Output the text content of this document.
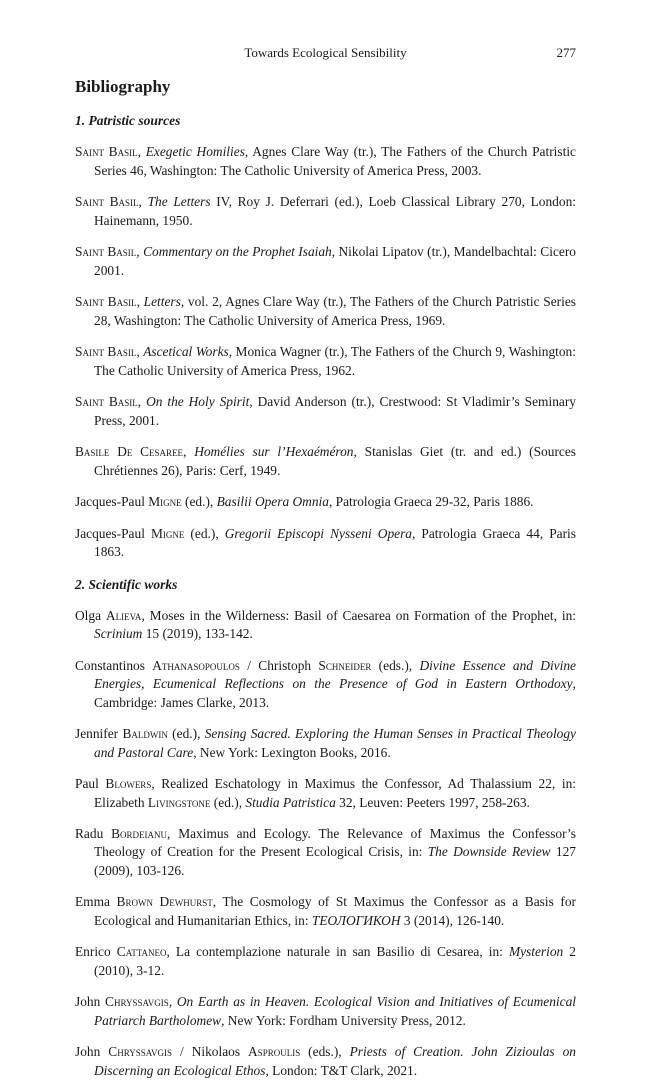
Towards Ecological Sensibility	277
Bibliography
1. Patristic sources

Saint Basil, Exegetic Homilies, Agnes Clare Way (tr.), The Fathers of the Church Patristic Series 46, Washington: The Catholic University of America Press, 2003.

Saint Basil, The Letters IV, Roy J. Deferrari (ed.), Loeb Classical Library 270, London: Hainemann, 1950.

Saint Basil, Commentary on the Prophet Isaiah, Nikolai Lipatov (tr.), Mandelbachtal: Cicero 2001.

Saint Basil, Letters, vol. 2, Agnes Clare Way (tr.), The Fathers of the Church Patristic Series 28, Washington: The Catholic University of America Press, 1969.

Saint Basil, Ascetical Works, Monica Wagner (tr.), The Fathers of the Church 9, Washington: The Catholic University of America Press, 1962.

Saint Basil, On the Holy Spirit, David Anderson (tr.), Crestwood: St Vladimir’s Seminary Press, 2001.

Basile De Cesaree, Homélies sur l’Hexaéméron, Stanislas Giet (tr. and ed.) (Sources Chrétiennes 26), Paris: Cerf, 1949.

Jacques-Paul Migne (ed.), Basilii Opera Omnia, Patrologia Graeca 29-32, Paris 1886.

Jacques-Paul Migne (ed.), Gregorii Episcopi Nysseni Opera, Patrologia Graeca 44, Paris 1863.

2. Scientific works

Olga Alieva, Moses in the Wilderness: Basil of Caesarea on Formation of the Prophet, in: Scrinium 15 (2019), 133-142.

Constantinos Athanasopoulos / Christoph Schneider (eds.), Divine Essence and Divine Energies, Ecumenical Reflections on the Presence of God in Eastern Orthodoxy, Cambridge: James Clarke, 2013.

Jennifer Baldwin (ed.), Sensing Sacred. Exploring the Human Senses in Practical Theology and Pastoral Care, New York: Lexington Books, 2016.

Paul Blowers, Realized Eschatology in Maximus the Confessor, Ad Thalassium 22, in: Elizabeth Livingstone (ed.), Studia Patristica 32, Leuven: Peeters 1997, 258-263.

Radu Bordeianu, Maximus and Ecology. The Relevance of Maximus the Confessor’s Theology of Creation for the Present Ecological Crisis, in: The Downside Review 127 (2009), 103-126.

Emma Brown Dewhurst, The Cosmology of St Maximus the Confessor as a Basis for Ecological and Humanitarian Ethics, in: ТЕОЛОГИКОН 3 (2014), 126-140.

Enrico Cattaneo, La contemplazione naturale in san Basilio di Cesarea, in: Mysterion 2 (2010), 3-12.

John Chryssavgis, On Earth as in Heaven. Ecological Vision and Initiatives of Ecumenical Patriarch Bartholomew, New York: Fordham University Press, 2012.

John Chryssavgis / Nikolaos Asproulis (eds.), Priests of Creation. John Zizioulas on Discerning an Ecological Ethos, London: T&T Clark, 2021.
